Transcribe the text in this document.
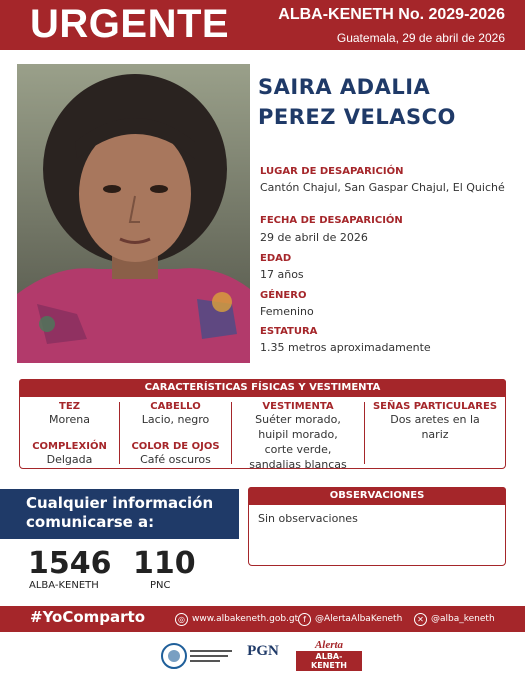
URGENTE	ALBA-KENETH No. 2029-2026
Guatemala, 29 de abril de 2026
SAIRA ADALIA
PEREZ VELASCO
LUGAR DE DESAPARICIÓN
Cantón Chajul, San Gaspar Chajul, El Quiché
FECHA DE DESAPARICIÓN
29 de abril de 2026
EDAD
17 años
GÉNERO
Femenino
ESTATURA
1.35 metros aproximadamente
CARACTERÍSTICAS FÍSICAS Y VESTIMENTA
TEZ
Morena
COMPLEXIÓN
Delgada
CABELLO
Lacio, negro
COLOR DE OJOS
Café oscuros
VESTIMENTA
Suéter morado,
huipil morado,
corte verde,
sandalias blancas
SEÑAS PARTICULARES
Dos aretes en la
nariz
Cualquier información
comunicarse a:
1546
ALBA-KENETH
110
PNC
OBSERVACIONES
Sin observaciones
#YoComparto	◎ www.albakeneth.gob.gt f	@AlertaAlbaKeneth	✕ @alba_keneth
PGN	Alerta
ALBA-KENETH
